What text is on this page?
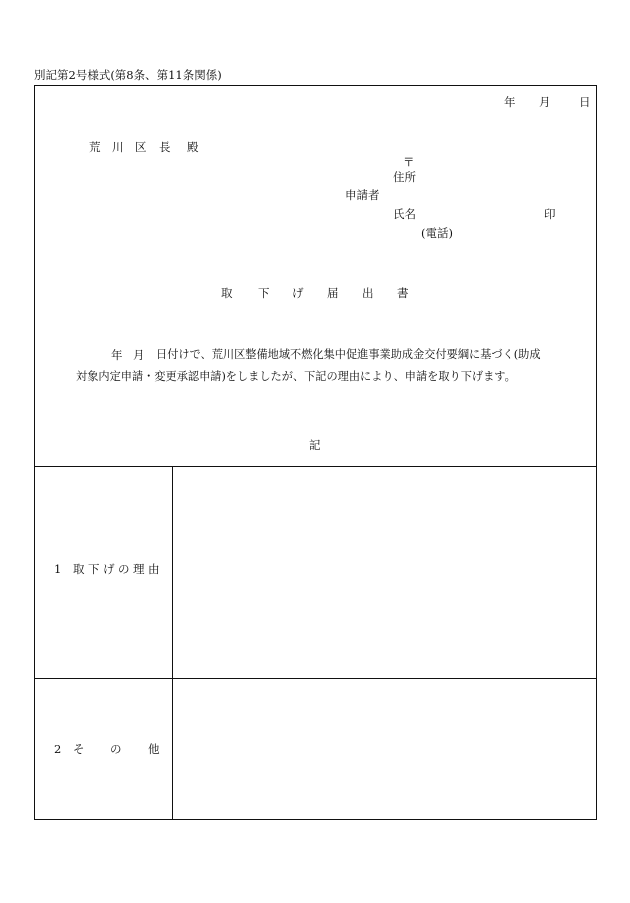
別記第2号様式(第8条、第11条関係)
年 月 日
荒 川 区 長 殿
〒
住所
申請者
氏名	印
(電話)
取 下 げ 届 出 書
年 月 日付けで、荒川区整備地域不燃化集中促進事業助成金交付要綱に基づく(助成
対象内定申請・変更承認申請)をしましたが、下記の理由により、申請を取り下げます。
記
1 取 下 げ の 理 由
2 そ の 他
